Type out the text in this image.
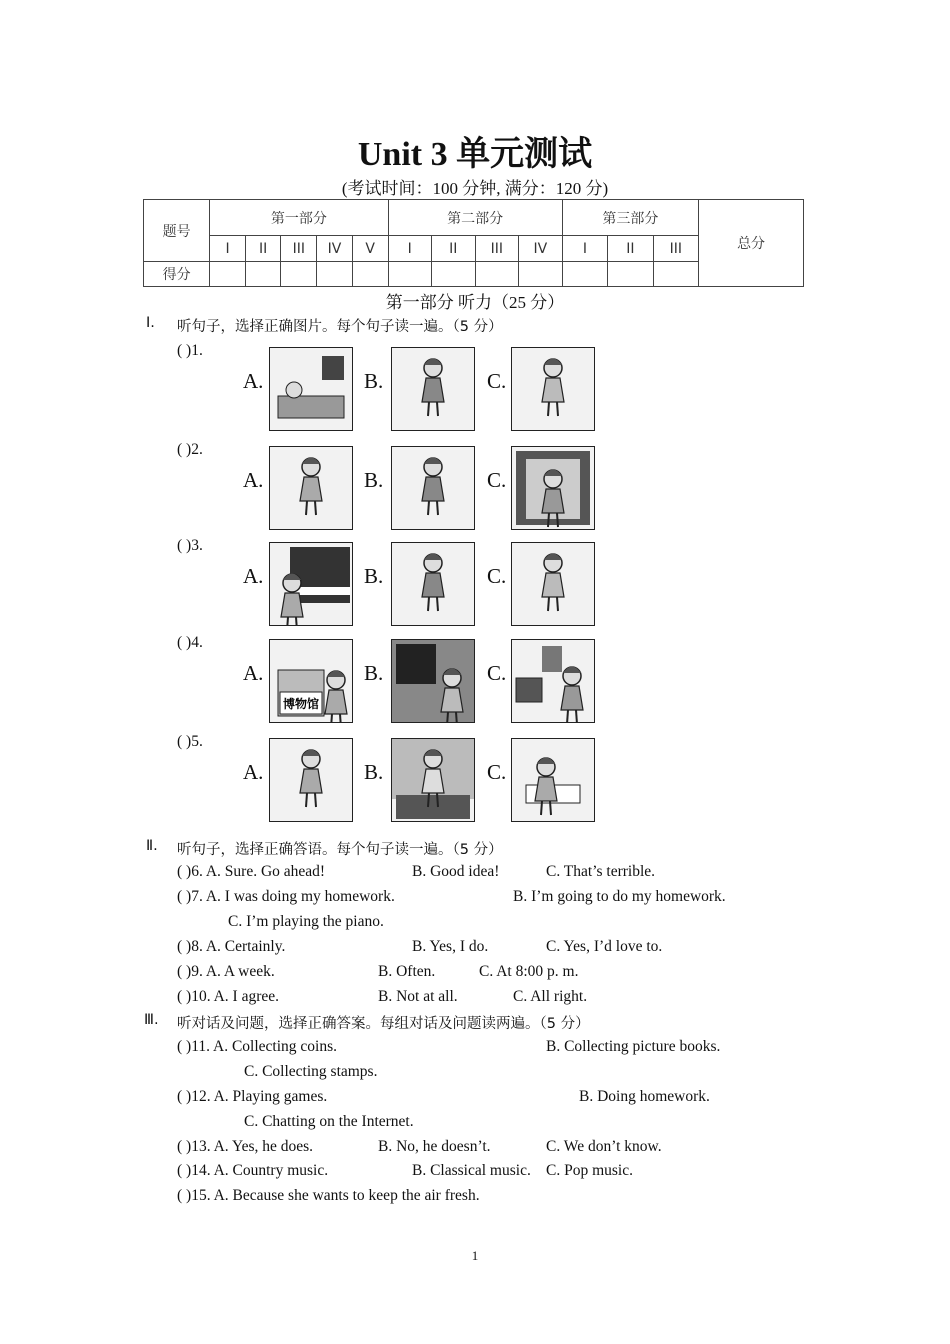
Unit 3 单元测试
(考试时间：100 分钟, 满分：120 分)
题号	第一部分					第二部分				第三部分			总分
	I	II	III	IV	V	I	II	III	IV	I	II	III	
得分													
第一部分 听力（25 分）
Ⅰ. 听句子，选择正确图片。每个句子读一遍。（5 分）
( )1.
A.	B.	C.
( )2.
A.	B.	C.
( )3.
A.	B.	C.
( )4.
A.
博物馆
B.	C.
( )5.
A.	B.	C.
Ⅱ. 听句子，选择正确答语。每个句子读一遍。（5 分）
( )6. A. Sure. Go ahead!	B. Good idea!	C. That’s terrible.
( )7. A. I was doing my homework.	B. I’m going to do my homework.
C. I’m playing the piano.
( )8. A. Certainly.	B. Yes, I do.	C. Yes, I’d love to.
( )9. A. A week.	B. Often.	C. At 8:00 p. m.
( )10. A. I agree.	B. Not at all.	C. All right.
Ⅲ. 听对话及问题，选择正确答案。每组对话及问题读两遍。（5 分）
( )11. A. Collecting coins.	B. Collecting picture books.
C. Collecting stamps.
( )12. A. Playing games.	B. Doing homework.
C. Chatting on the Internet.
( )13. A. Yes, he does.	B. No, he doesn’t.	C. We don’t know.
( )14. A. Country music.	B. Classical music. C. Pop music.
( )15. A. Because she wants to keep the air fresh.
1
